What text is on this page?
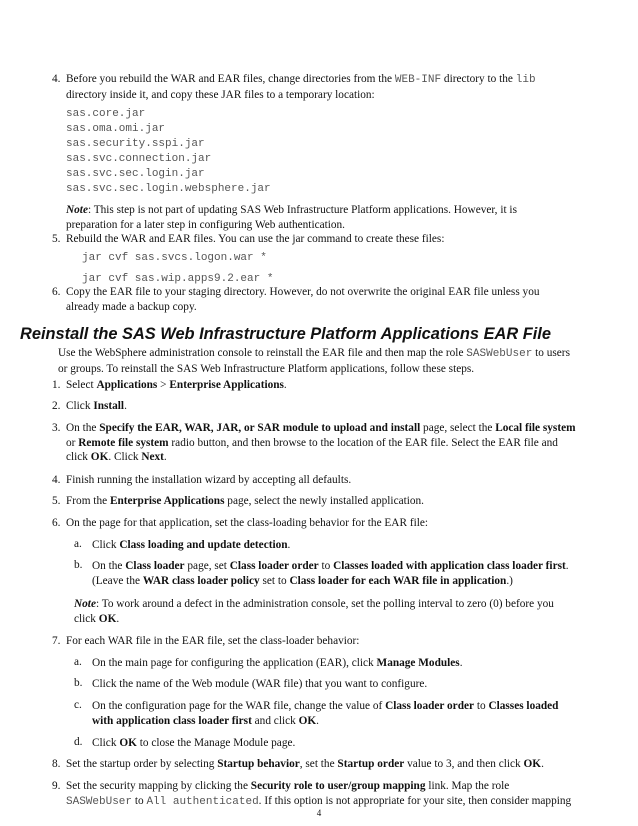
4. Before you rebuild the WAR and EAR files, change directories from the WEB-INF directory to the lib
directory inside it, and copy these JAR files to a temporary location:
sas.core.jar
sas.oma.omi.jar
sas.security.sspi.jar
sas.svc.connection.jar
sas.svc.sec.login.jar
sas.svc.sec.login.websphere.jar
Note: This step is not part of updating SAS Web Infrastructure Platform applications. However, it is
preparation for a later step in configuring Web authentication.
5. Rebuild the WAR and EAR files. You can use the jar command to create these files:
jar cvf sas.svcs.logon.war *
jar cvf sas.wip.apps9.2.ear *
6. Copy the EAR file to your staging directory. However, do not overwrite the original EAR file unless you
already made a backup copy.
Reinstall the SAS Web Infrastructure Platform Applications EAR File
Use the WebSphere administration console to reinstall the EAR file and then map the role SASWebUser to users
or groups. To reinstall the SAS Web Infrastructure Platform applications, follow these steps.
1. Select Applications > Enterprise Applications.
2. Click Install.
3. On the Specify the EAR, WAR, JAR, or SAR module to upload and install page, select the Local file system
or Remote file system radio button, and then browse to the location of the EAR file. Select the EAR file and
click OK. Click Next.
4. Finish running the installation wizard by accepting all defaults.
5. From the Enterprise Applications page, select the newly installed application.
6. On the page for that application, set the class-loading behavior for the EAR file:
a. Click Class loading and update detection.
b. On the Class loader page, set Class loader order to Classes loaded with application class loader first.
(Leave the WAR class loader policy set to Class loader for each WAR file in application.)
Note: To work around a defect in the administration console, set the polling interval to zero (0) before you
click OK.
7. For each WAR file in the EAR file, set the class-loader behavior:
a. On the main page for configuring the application (EAR), click Manage Modules.
b. Click the name of the Web module (WAR file) that you want to configure.
c. On the configuration page for the WAR file, change the value of Class loader order to Classes loaded
with application class loader first and click OK.
d. Click OK to close the Manage Module page.
8. Set the startup order by selecting Startup behavior, set the Startup order value to 3, and then click OK.
9. Set the security mapping by clicking the Security role to user/group mapping link. Map the role
SASWebUser to All authenticated. If this option is not appropriate for your site, then consider mapping
4
